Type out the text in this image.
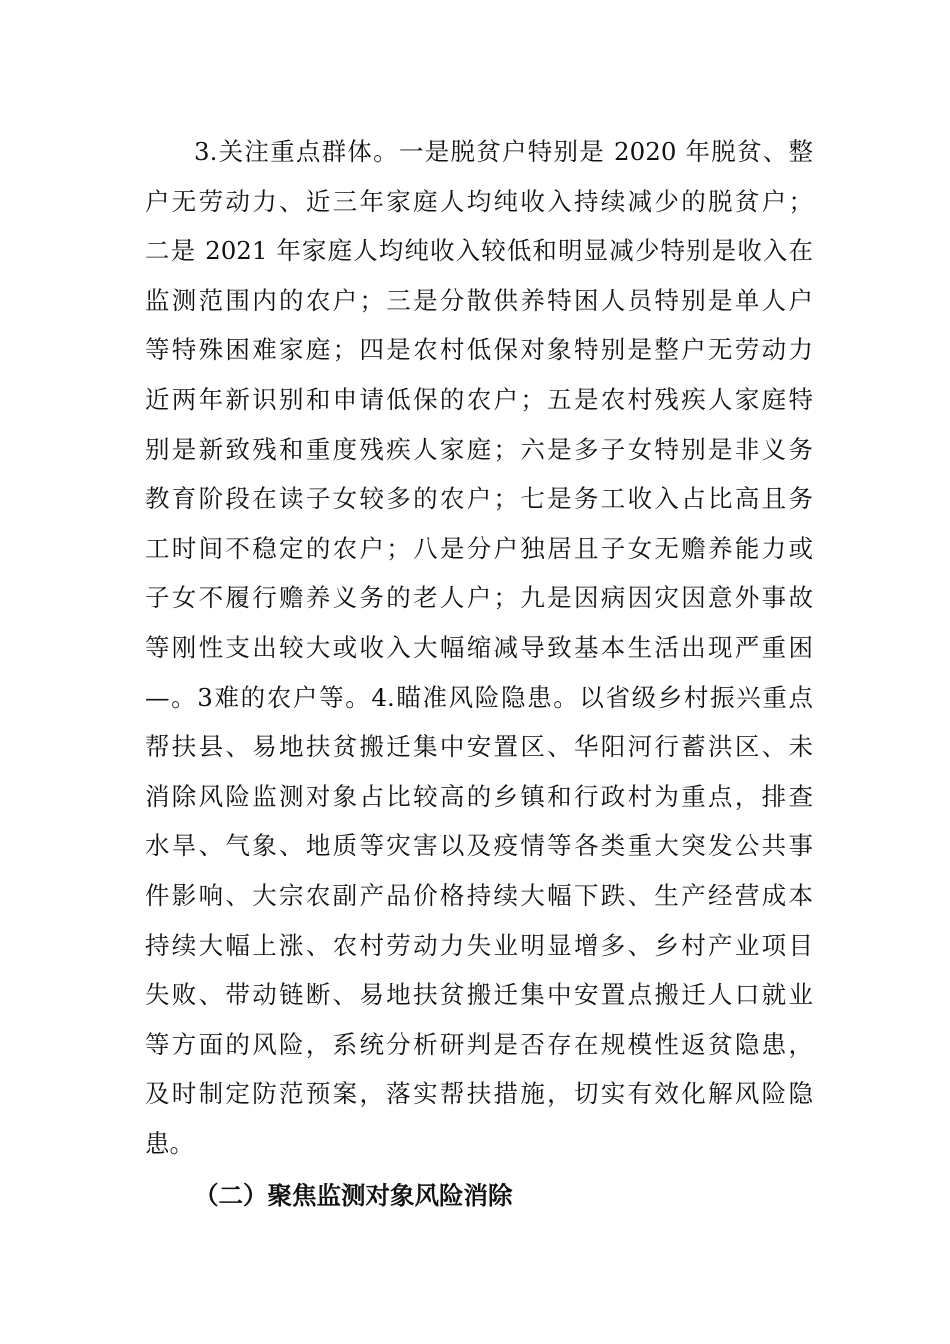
3.关注重点群体。一是脱贫户特别是 2020 年脱贫、整
户无劳动力、近三年家庭人均纯收入持续减少的脱贫户；
二是 2021 年家庭人均纯收入较低和明显减少特别是收入在
监测范围内的农户；三是分散供养特困人员特别是单人户
等特殊困难家庭；四是农村低保对象特别是整户无劳动力
近两年新识别和申请低保的农户；五是农村残疾人家庭特
别是新致残和重度残疾人家庭；六是多子女特别是非义务
教育阶段在读子女较多的农户；七是务工收入占比高且务
工时间不稳定的农户；八是分户独居且子女无赡养能力或
子女不履行赡养义务的老人户；九是因病因灾因意外事故
等刚性支出较大或收入大幅缩减导致基本生活出现严重困
—。3难的农户等。4.瞄准风险隐患。以省级乡村振兴重点
帮扶县、易地扶贫搬迁集中安置区、华阳河行蓄洪区、未
消除风险监测对象占比较高的乡镇和行政村为重点，排查
水旱、气象、地质等灾害以及疫情等各类重大突发公共事
件影响、大宗农副产品价格持续大幅下跌、生产经营成本
持续大幅上涨、农村劳动力失业明显增多、乡村产业项目
失败、带动链断、易地扶贫搬迁集中安置点搬迁人口就业
等方面的风险，系统分析研判是否存在规模性返贫隐患，
及时制定防范预案，落实帮扶措施，切实有效化解风险隐
患。
（二）聚焦监测对象风险消除
